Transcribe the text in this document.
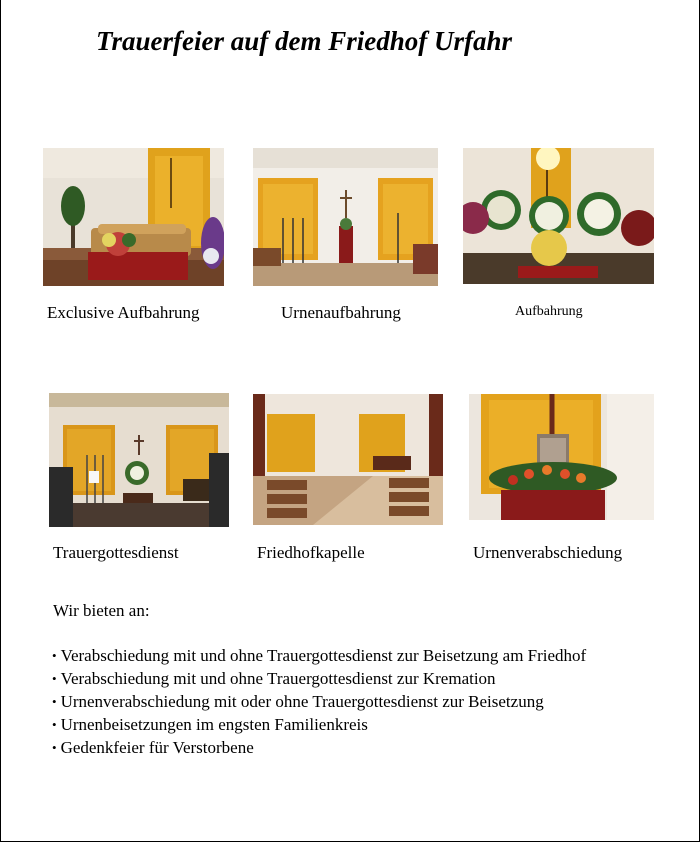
Trauerfeier auf dem Friedhof Urfahr
Exclusive Aufbahrung	Urnenaufbahrung	Aufbahrung
Trauergottesdienst	Friedhofkapelle	Urnenverabschiedung
Wir bieten an:
• Verabschiedung mit und ohne Trauergottesdienst zur Beisetzung am Friedhof
• Verabschiedung mit und ohne Trauergottesdienst zur Kremation
• Urnenverabschiedung mit oder ohne Trauergottesdienst zur Beisetzung
• Urnenbeisetzungen im engsten Familienkreis
• Gedenkfeier für Verstorbene
